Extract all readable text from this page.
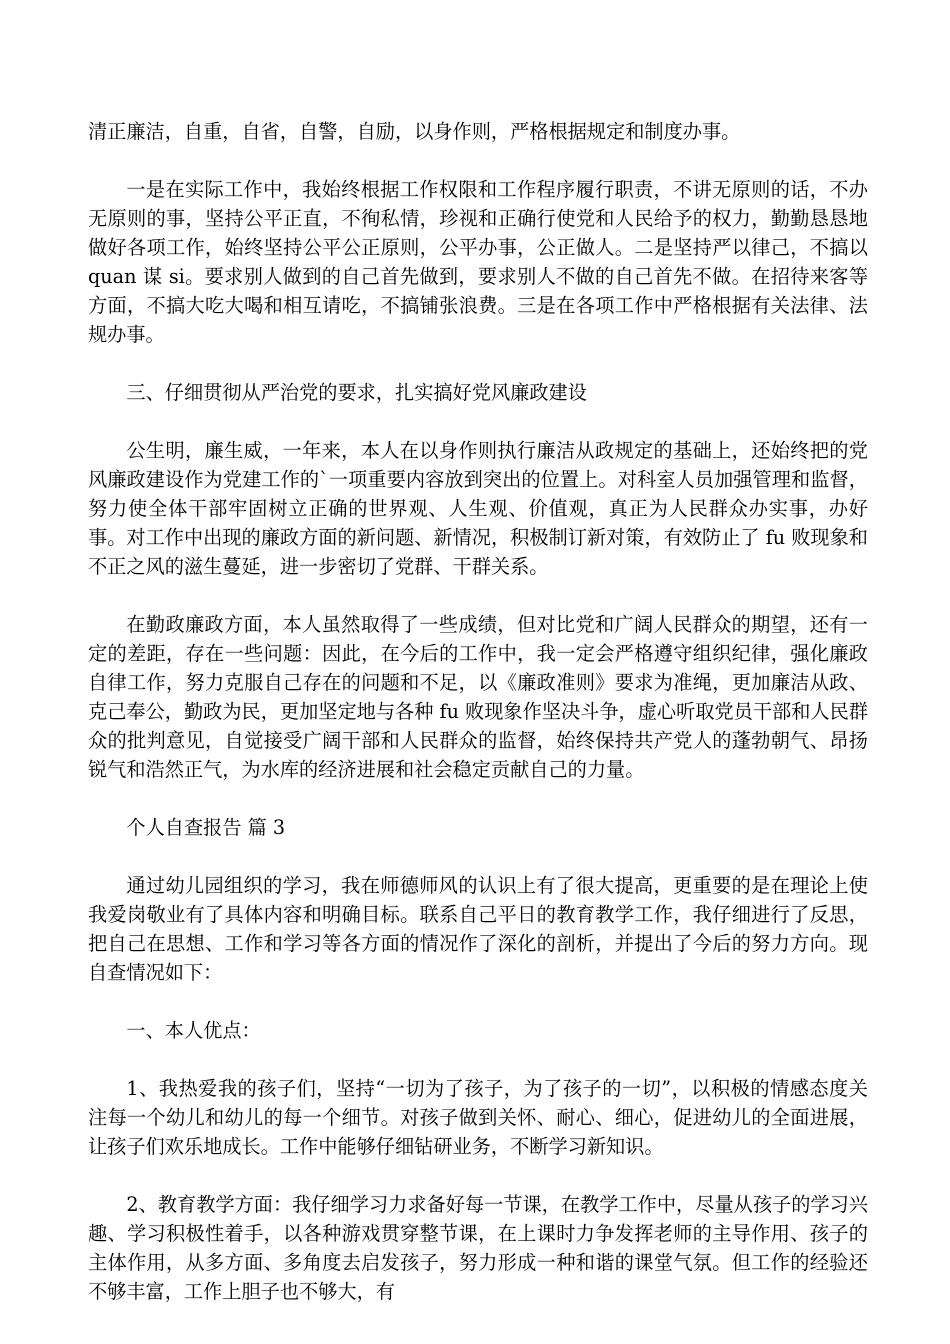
清正廉洁，自重，自省，自警，自励，以身作则，严格根据规定和制度办事。

一是在实际工作中，我始终根据工作权限和工作程序履行职责，不讲无原则的话，不办无原则的事，坚持公平正直，不徇私情，珍视和正确行使党和人民给予的权力，勤勤恳恳地做好各项工作，始终坚持公平公正原则，公平办事，公正做人。二是坚持严以律己，不搞以 quan 谋 si。要求别人做到的自己首先做到，要求别人不做的自己首先不做。在招待来客等方面，不搞大吃大喝和相互请吃，不搞铺张浪费。三是在各项工作中严格根据有关法律、法规办事。

三、仔细贯彻从严治党的要求，扎实搞好党风廉政建设

公生明，廉生威，一年来，本人在以身作则执行廉洁从政规定的基础上，还始终把的党风廉政建设作为党建工作的`一项重要内容放到突出的位置上。对科室人员加强管理和监督，努力使全体干部牢固树立正确的世界观、人生观、价值观，真正为人民群众办实事，办好事。对工作中出现的廉政方面的新问题、新情况，积极制订新对策，有效防止了 fu 败现象和不正之风的滋生蔓延，进一步密切了党群、干群关系。

在勤政廉政方面，本人虽然取得了一些成绩，但对比党和广阔人民群众的期望，还有一定的差距，存在一些问题：因此，在今后的工作中，我一定会严格遵守组织纪律，强化廉政自律工作，努力克服自己存在的问题和不足，以《廉政准则》要求为准绳，更加廉洁从政、克己奉公，勤政为民，更加坚定地与各种 fu 败现象作坚决斗争，虚心听取党员干部和人民群众的批判意见，自觉接受广阔干部和人民群众的监督，始终保持共产党人的蓬勃朝气、昂扬锐气和浩然正气，为水库的经济进展和社会稳定贡献自己的力量。

个人自查报告 篇 3

通过幼儿园组织的学习，我在师德师风的认识上有了很大提高，更重要的是在理论上使我爱岗敬业有了具体内容和明确目标。联系自己平日的教育教学工作，我仔细进行了反思，把自己在思想、工作和学习等各方面的情况作了深化的剖析，并提出了今后的努力方向。现自查情况如下：

一、本人优点：

1、我热爱我的孩子们，坚持“一切为了孩子，为了孩子的一切”，以积极的情感态度关注每一个幼儿和幼儿的每一个细节。对孩子做到关怀、耐心、细心，促进幼儿的全面进展，让孩子们欢乐地成长。工作中能够仔细钻研业务，不断学习新知识。

2、教育教学方面：我仔细学习力求备好每一节课，在教学工作中，尽量从孩子的学习兴趣、学习积极性着手，以各种游戏贯穿整节课，在上课时力争发挥老师的主导作用、孩子的主体作用，从多方面、多角度去启发孩子，努力形成一种和谐的课堂气氛。但工作的经验还不够丰富，工作上胆子也不够大，有
